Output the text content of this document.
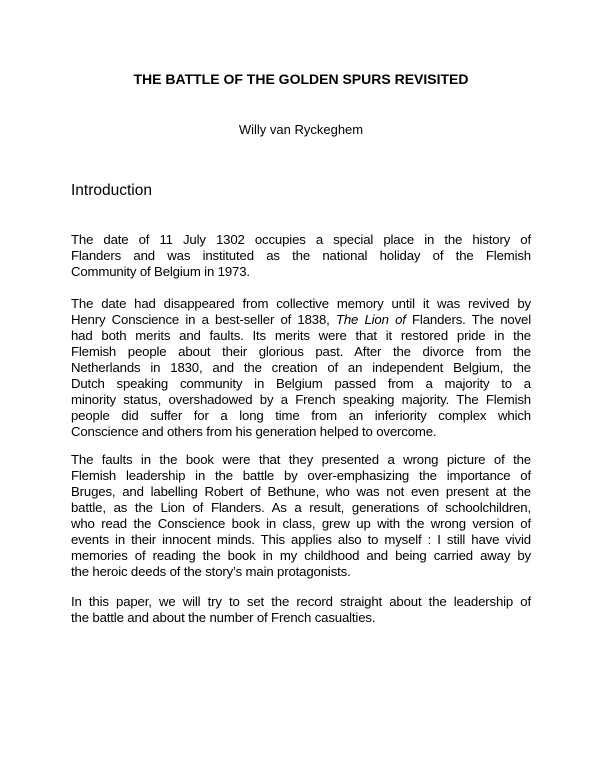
THE BATTLE OF THE GOLDEN SPURS REVISITED
Willy van Ryckeghem
Introduction
The date of 11 July 1302 occupies a special place in the history of
Flanders and was instituted as the national holiday of the Flemish
Community of Belgium in 1973.
The date had disappeared from collective memory until it was revived by
Henry Conscience in a best-seller of 1838, The Lion of Flanders. The novel
had both merits and faults. Its merits were that it restored pride in the
Flemish people about their glorious past. After the divorce from the
Netherlands in 1830, and the creation of an independent Belgium, the
Dutch speaking community in Belgium passed from a majority to a
minority status, overshadowed by a French speaking majority. The Flemish
people did suffer for a long time from an inferiority complex which
Conscience and others from his generation helped to overcome.
The faults in the book were that they presented a wrong picture of the
Flemish leadership in the battle by over-emphasizing the importance of
Bruges, and labelling Robert of Bethune, who was not even present at the
battle, as the Lion of Flanders. As a result, generations of schoolchildren,
who read the Conscience book in class, grew up with the wrong version of
events in their innocent minds. This applies also to myself : I still have vivid
memories of reading the book in my childhood and being carried away by
the heroic deeds of the story’s main protagonists.
In this paper, we will try to set the record straight about the leadership of
the battle and about the number of French casualties.
